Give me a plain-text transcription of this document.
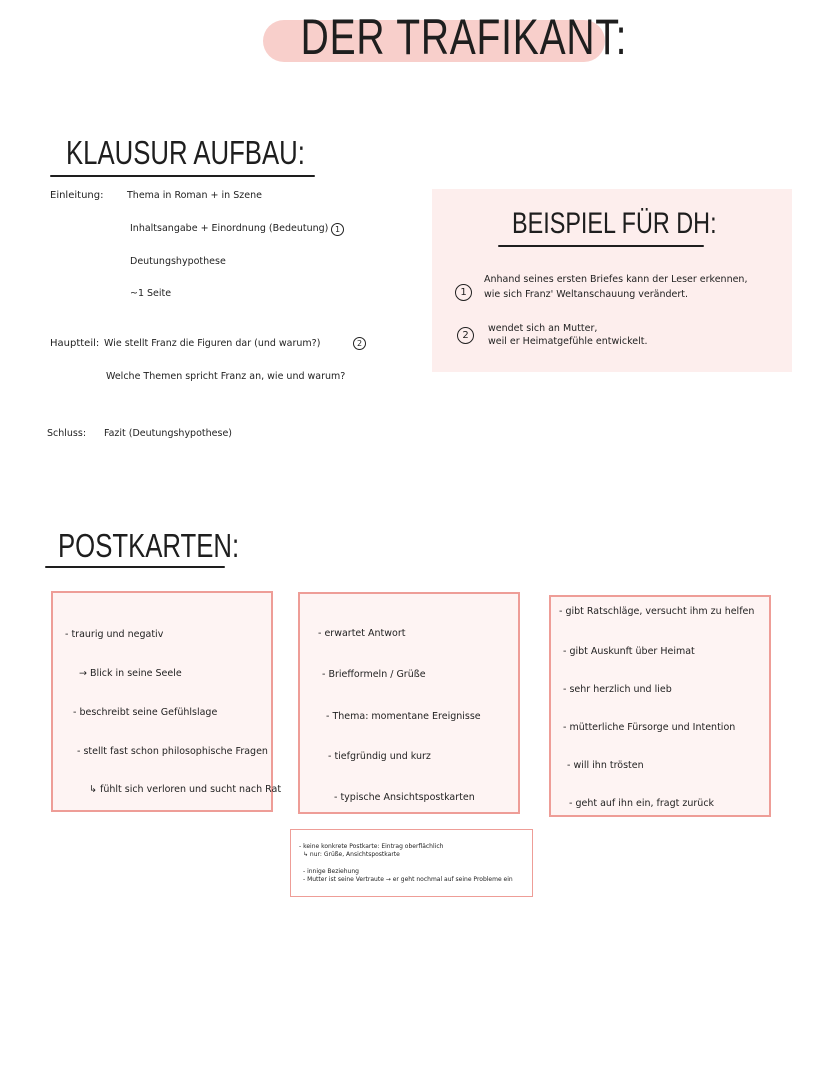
DER TRAFIKANT:
KLAUSUR AUFBAU:
Einleitung: Thema in Roman + in Szene
Inhaltsangabe + Einordnung (Bedeutung) 1
Deutungshypothese
~1 Seite
Hauptteil: Wie stellt Franz die Figuren dar (und warum?)	2
Welche Themen spricht Franz an, wie und warum?
Schluss: Fazit (Deutungshypothese)
BEISPIEL FÜR DH:
1
Anhand seines ersten Briefes kann der Leser erkennen,
wie sich Franz' Weltanschauung verändert.
2
wendet sich an Mutter,
weil er Heimatgefühle entwickelt.
POSTKARTEN:
- traurig und negativ
→ Blick in seine Seele
- beschreibt seine Gefühlslage
- stellt fast schon philosophische Fragen
↳ fühlt sich verloren und sucht nach Rat
- erwartet Antwort
- Briefformeln / Grüße
- Thema: momentane Ereignisse
- tiefgründig und kurz
- typische Ansichtspostkarten
- gibt Ratschläge, versucht ihm zu helfen
- gibt Auskunft über Heimat
- sehr herzlich und lieb
- mütterliche Fürsorge und Intention
- will ihn trösten
- geht auf ihn ein, fragt zurück
- keine konkrete Postkarte: Eintrag oberflächlich
↳ nur: Grüße, Ansichtspostkarte
- innige Beziehung
- Mutter ist seine Vertraute → er geht nochmal auf seine Probleme ein
